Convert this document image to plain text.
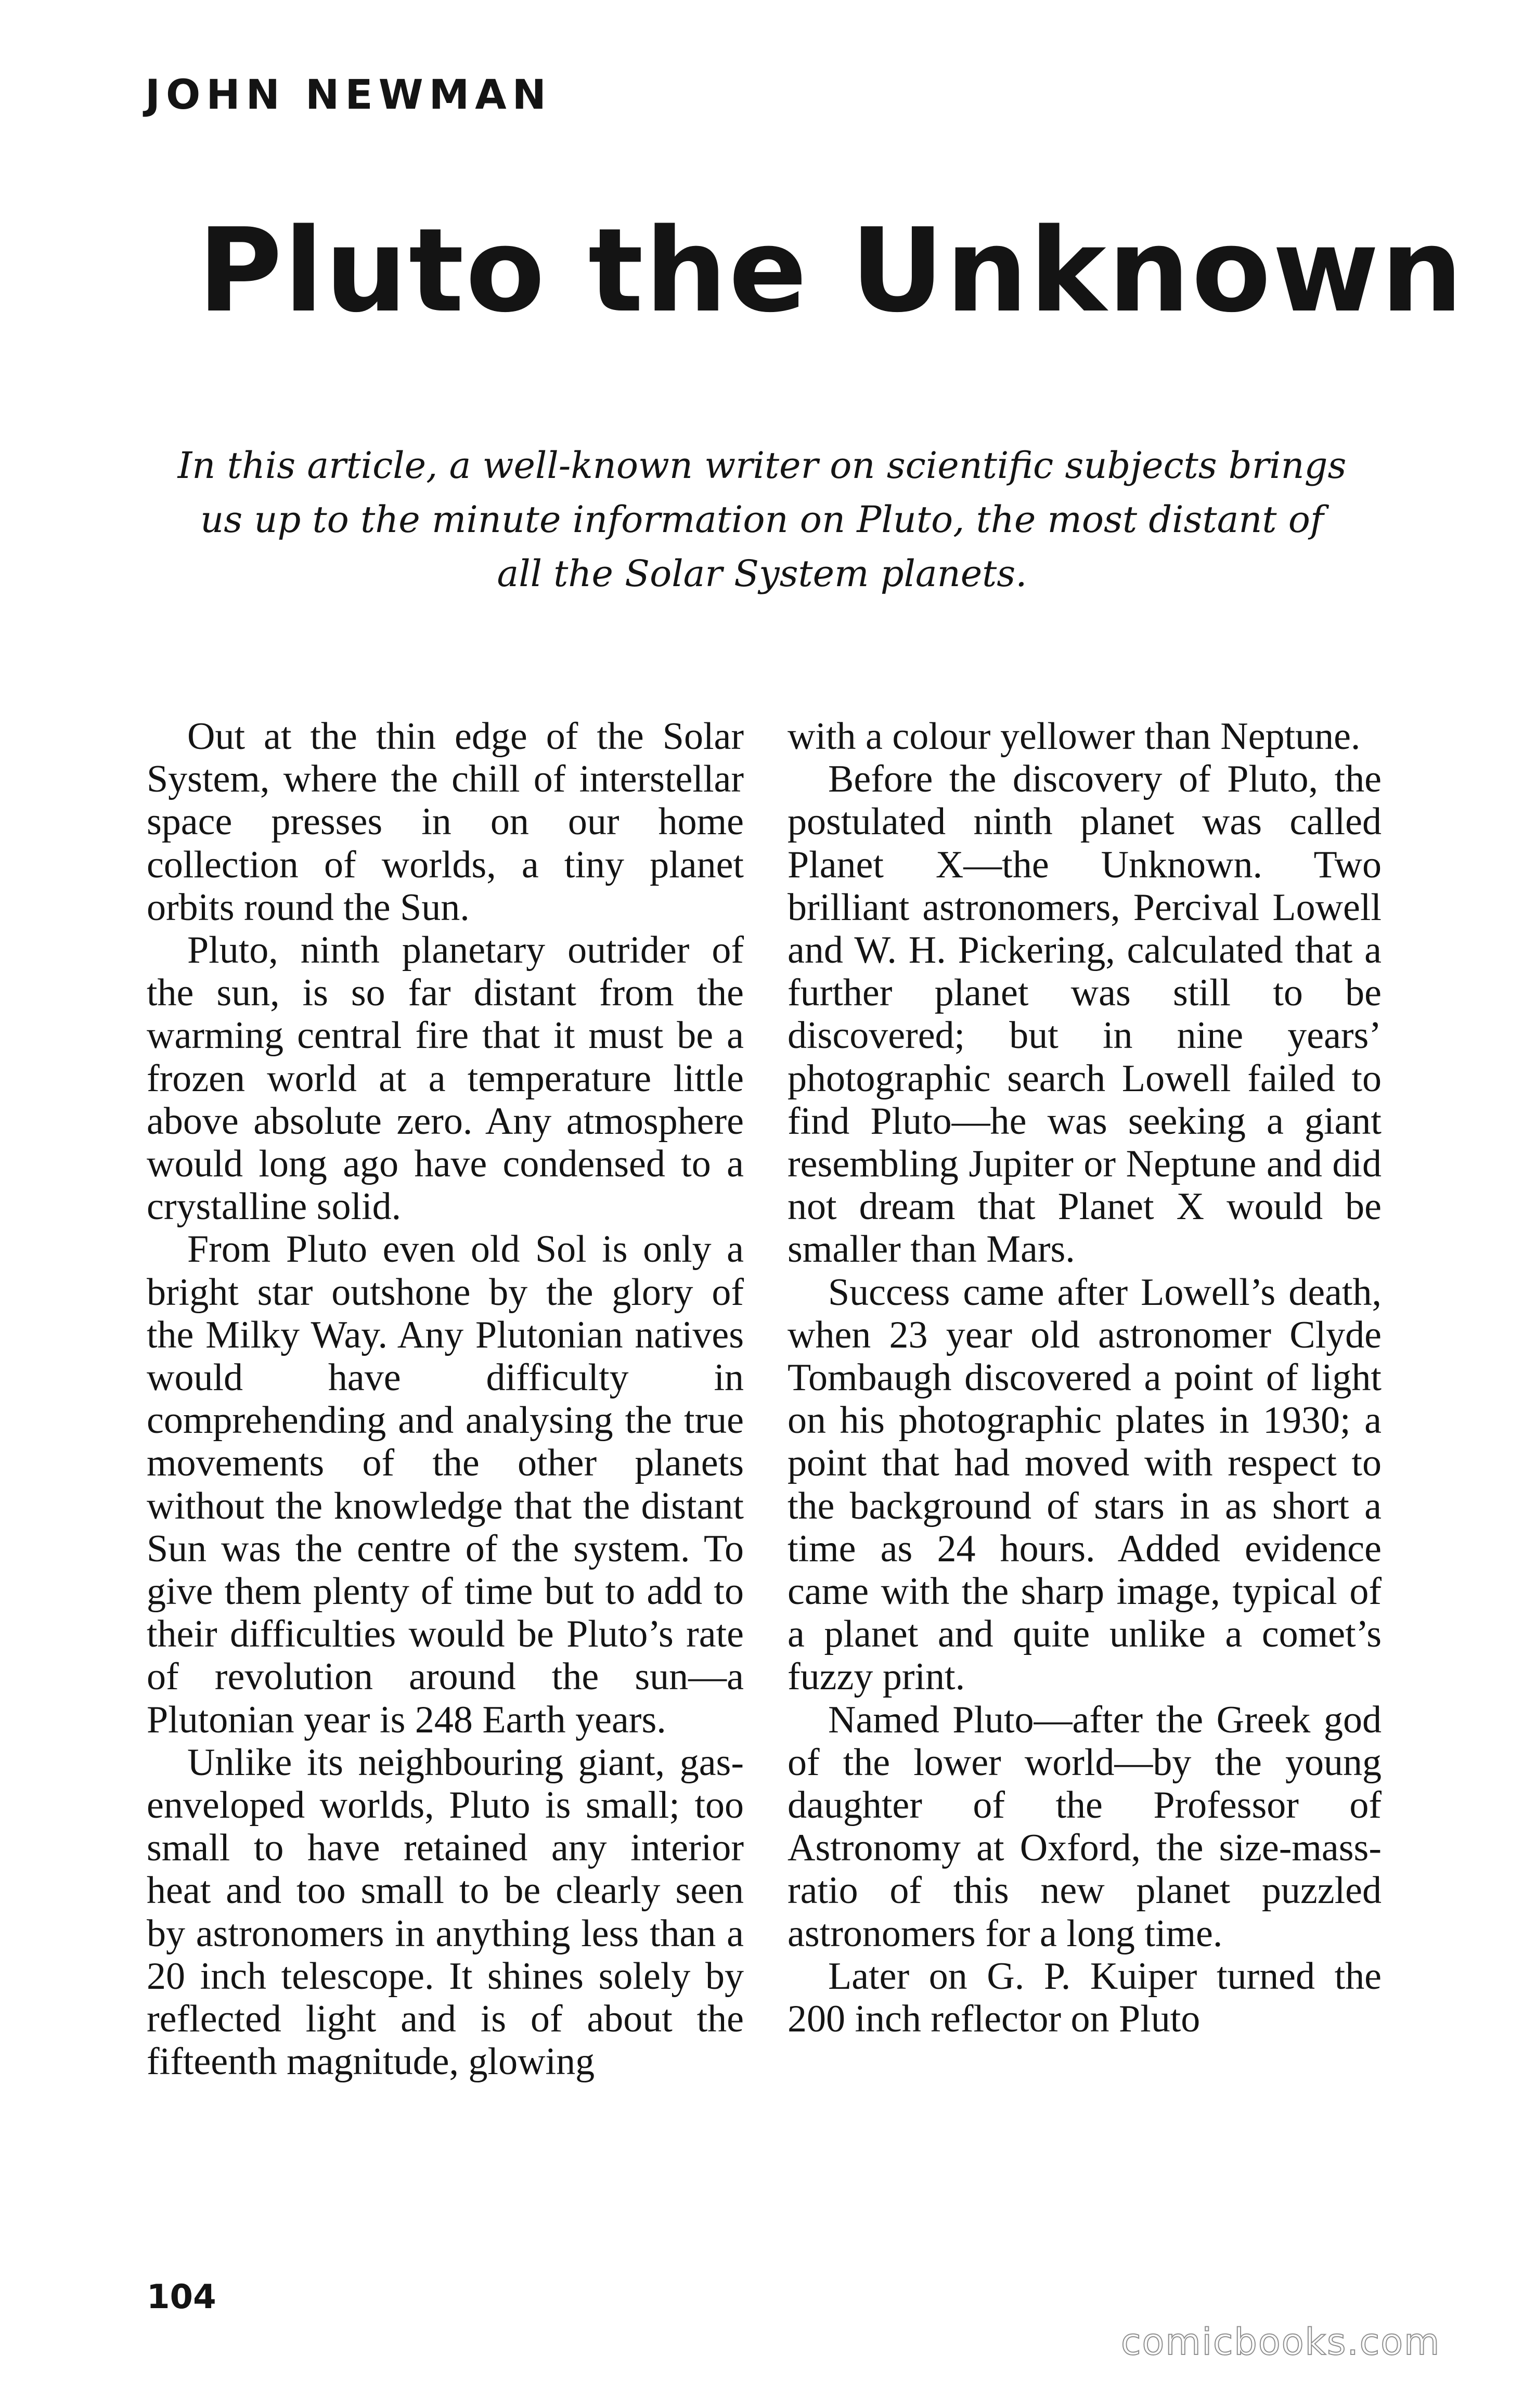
JOHN NEWMAN
Pluto the Unknown

In this article, a well-known writer on scientific subjects brings us up to the minute information on Pluto, the most distant of all the Solar System planets.

Out at the thin edge of the Solar System, where the chill of interstellar space presses in on our home collection of worlds, a tiny planet orbits round the Sun.

Pluto, ninth planetary outrider of the sun, is so far distant from the warming central fire that it must be a frozen world at a temperature little above absolute zero. Any atmosphere would long ago have condensed to a crystalline solid.

From Pluto even old Sol is only a bright star outshone by the glory of the Milky Way. Any Plutonian natives would have difficulty in comprehending and analysing the true movements of the other planets without the knowledge that the distant Sun was the centre of the system. To give them plenty of time but to add to their difficulties would be Pluto’s rate of revolution around the sun—a Plutonian year is 248 Earth years.

Unlike its neighbouring giant, gas-enveloped worlds, Pluto is small; too small to have retained any interior heat and too small to be clearly seen by astronomers in anything less than a 20 inch telescope. It shines solely by reflected light and is of about the fifteenth magnitude, glowing

with a colour yellower than Neptune.

Before the discovery of Pluto, the postulated ninth planet was called Planet X—the Unknown. Two brilliant astronomers, Percival Lowell and W. H. Pickering, calculated that a further planet was still to be discovered; but in nine years’ photographic search Lowell failed to find Pluto—he was seeking a giant resembling Jupiter or Neptune and did not dream that Planet X would be smaller than Mars.

Success came after Lowell’s death, when 23 year old astronomer Clyde Tombaugh discovered a point of light on his photographic plates in 1930; a point that had moved with respect to the background of stars in as short a time as 24 hours. Added evidence came with the sharp image, typical of a planet and quite unlike a comet’s fuzzy print.

Named Pluto—after the Greek god of the lower world—by the young daughter of the Professor of Astronomy at Oxford, the size-mass-ratio of this new planet puzzled astronomers for a long time.

Later on G. P. Kuiper turned the 200 inch reflector on Pluto

104
comicbooks.com
